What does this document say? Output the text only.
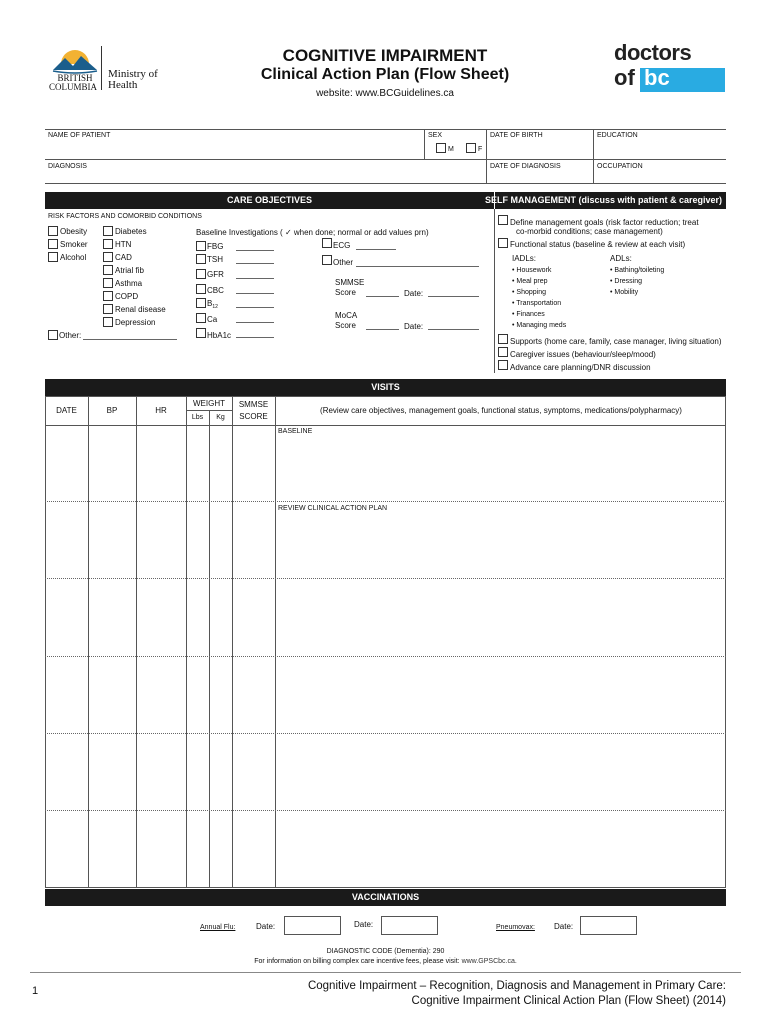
BRITISH
COLUMBIA
Ministry of
Health
COGNITIVE IMPAIRMENT
Clinical Action Plan (Flow Sheet)
website: www.BCGuidelines.ca
doctors
of bc
NAME OF PATIENT	SEX
M	F
DATE OF BIRTH	EDUCATION
DIAGNOSIS	DATE OF DIAGNOSIS	OCCUPATION
CARE OBJECTIVES	SELF MANAGEMENT (discuss with patient & caregiver)
RISK FACTORS AND COMORBID CONDITIONS
Obesity
Smoker
Alcohol
Diabetes
HTN
CAD
Atrial fib
Asthma
COPD
Renal disease
Depression
Other:
Baseline Investigations ( ✓ when done; normal or add values prn)
FBG
TSH
GFR
CBC
$B_{12}$
Ca
HbA1c
ECG
Other
SMMSE
Score	Date:
MoCA
Score	Date:
Define management goals (risk factor reduction; treat
co-morbid conditions; case management)
Functional status (baseline & review at each visit)
IADLs:
• Housework
• Meal prep
• Shopping
• Transportation
• Finances
• Managing meds
ADLs:
• Bathing/toileting
• Dressing
• Mobility
Supports (home care, family, case manager, living situation)
Caregiver issues (behaviour/sleep/mood)
Advance care planning/DNR discussion
VISITS
DATE	BP	HR
WEIGHT
Lbs	Kg
SMMSE
SCORE
(Review care objectives, management goals, functional status, symptoms, medications/polypharmacy)
BASELINE
REVIEW CLINICAL ACTION PLAN
VACCINATIONS
Annual Flu:	Date:	Date:	Pneumovax: Date:
DIAGNOSTIC CODE (Dementia): 290
For information on billing complex care incentive fees, please visit: www.GPSCbc.ca.
1	Cognitive Impairment – Recognition, Diagnosis and Management in Primary Care:
Cognitive Impairment Clinical Action Plan (Flow Sheet) (2014)
